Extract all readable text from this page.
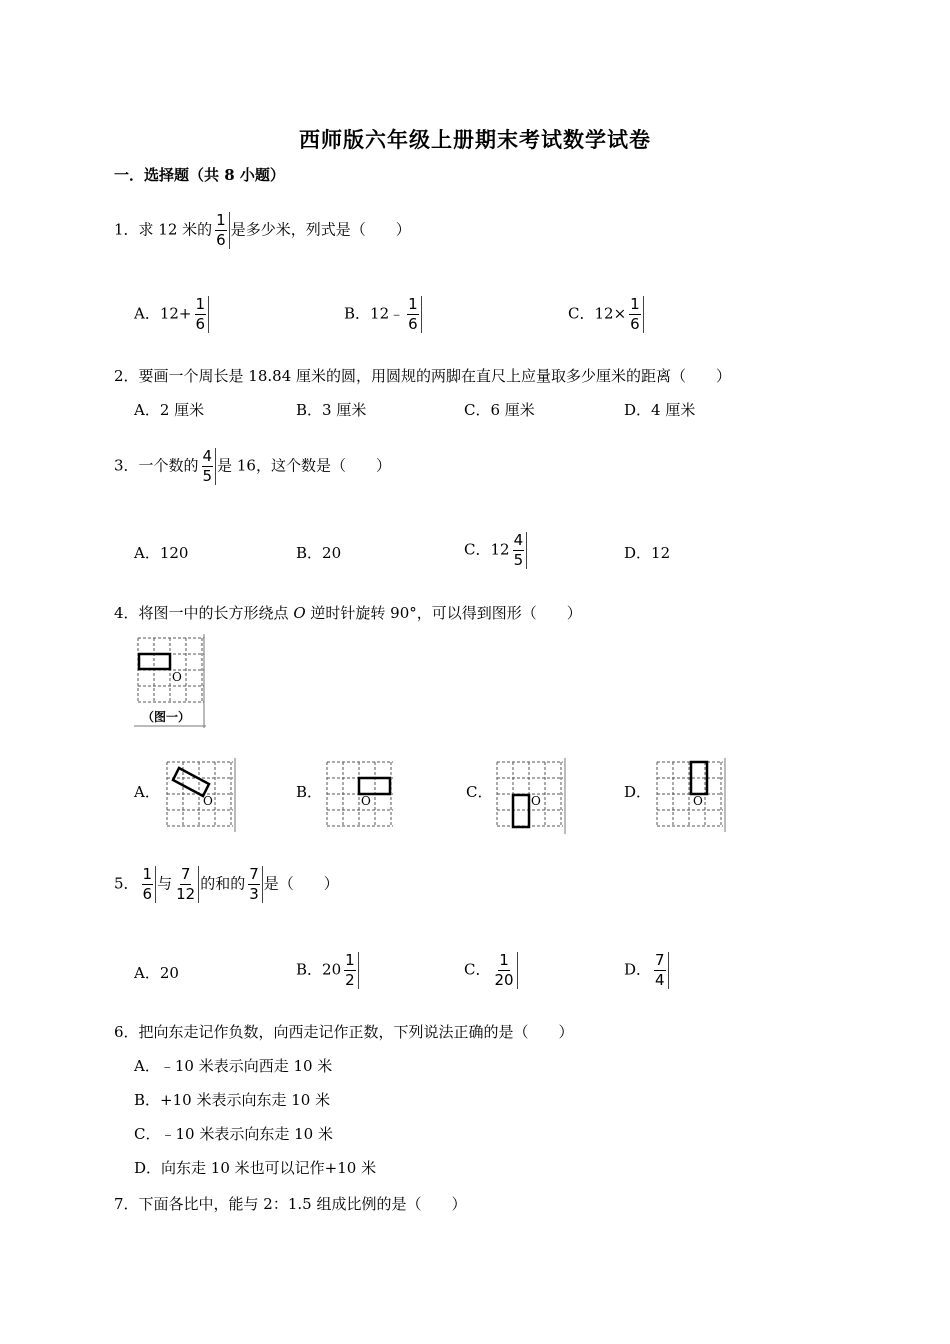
西师版六年级上册期末考试数学试卷
一．选择题（共 8 小题）
1．求 12 米的 $\frac{1}{6}$ 是多少米，列式是（　　）
A．$12+ \frac{1}{6}$	B．12﹣ $\frac{1}{6}$	C．$12\times \frac{1}{6}$
2．要画一个周长是 18.84 厘米的圆，用圆规的两脚在直尺上应量取多少厘米的距离（　　）
A．2 厘米	B．3 厘米	C．6 厘米	D．4 厘米
3．一个数的 $\frac{4}{5}$ 是 16，这个数是（　　）
A．120	B．20	C．$12 \frac{4}{5}$	D．12
4．将图一中的长方形绕点 O 逆时针旋转 90°，可以得到图形（　　）
O
（图一）
A．	O	B．	O	C．	O	D．	O
5． $\frac{1}{6}$ 与 $\frac{7}{12}$ 的和的 $\frac{7}{3}$ 是（　　）
A．20	B．$20 \frac{1}{2}$	C． $\frac{1}{20}$	D． $\frac{7}{4}$
6．把向东走记作负数，向西走记作正数，下列说法正确的是（　　）
A．﹣10 米表示向西走 10 米
B．+10 米表示向东走 10 米
C．﹣10 米表示向东走 10 米
D．向东走 10 米也可以记作+10 米
7．下面各比中，能与 2：1.5 组成比例的是（　　）
